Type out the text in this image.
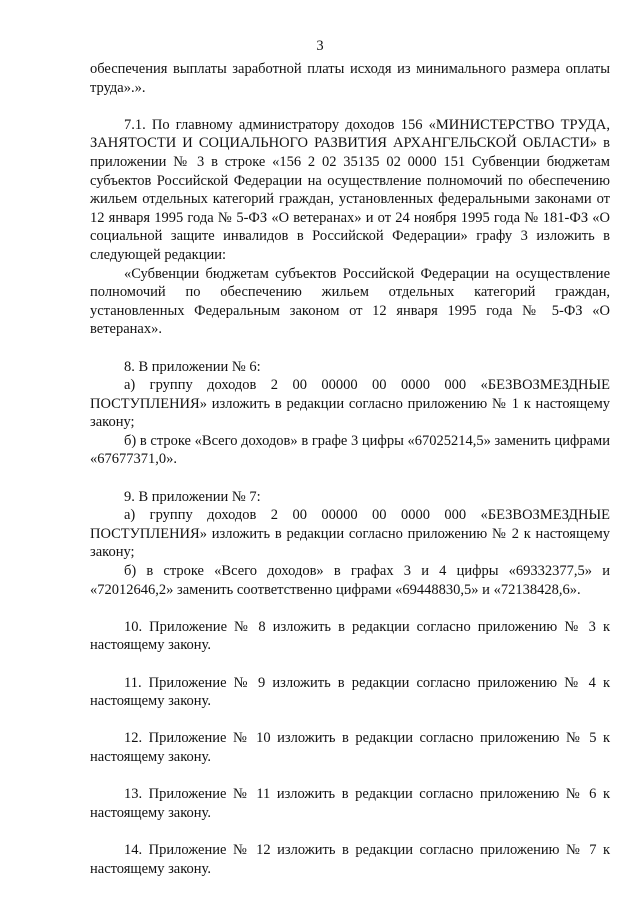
3

обеспечения выплаты заработной платы исходя из минимального размера оплаты труда».».

7.1. По главному администратору доходов 156 «МИНИСТЕРСТВО ТРУДА, ЗАНЯТОСТИ И СОЦИАЛЬНОГО РАЗВИТИЯ АРХАНГЕЛЬСКОЙ ОБЛАСТИ» в приложении № 3 в строке «156 2 02 35135 02 0000 151 Субвенции бюджетам субъектов Российской Федерации на осуществление полномочий по обеспечению жильем отдельных категорий граждан, установленных федеральными законами от 12 января 1995 года № 5-ФЗ «О ветеранах» и от 24 ноября 1995 года № 181-ФЗ «О социальной защите инвалидов в Российской Федерации» графу 3 изложить в следующей редакции:

«Субвенции бюджетам субъектов Российской Федерации на осуществление полномочий по обеспечению жильем отдельных категорий граждан, установленных Федеральным законом от 12 января 1995 года № 5-ФЗ «О ветеранах».

8. В приложении № 6:

а) группу доходов 2 00 00000 00 0000 000 «БЕЗВОЗМЕЗДНЫЕ ПОСТУПЛЕНИЯ» изложить в редакции согласно приложению № 1 к настоящему закону;

б) в строке «Всего доходов» в графе 3 цифры «67025214,5» заменить цифрами «67677371,0».

9. В приложении № 7:

а) группу доходов 2 00 00000 00 0000 000 «БЕЗВОЗМЕЗДНЫЕ ПОСТУПЛЕНИЯ» изложить в редакции согласно приложению № 2 к настоящему закону;

б) в строке «Всего доходов» в графах 3 и 4 цифры «69332377,5» и «72012646,2» заменить соответственно цифрами «69448830,5» и «72138428,6».

10. Приложение № 8 изложить в редакции согласно приложению № 3 к настоящему закону.

11. Приложение № 9 изложить в редакции согласно приложению № 4 к настоящему закону.

12. Приложение № 10 изложить в редакции согласно приложению № 5 к настоящему закону.

13. Приложение № 11 изложить в редакции согласно приложению № 6 к настоящему закону.

14. Приложение № 12 изложить в редакции согласно приложению № 7 к настоящему закону.
